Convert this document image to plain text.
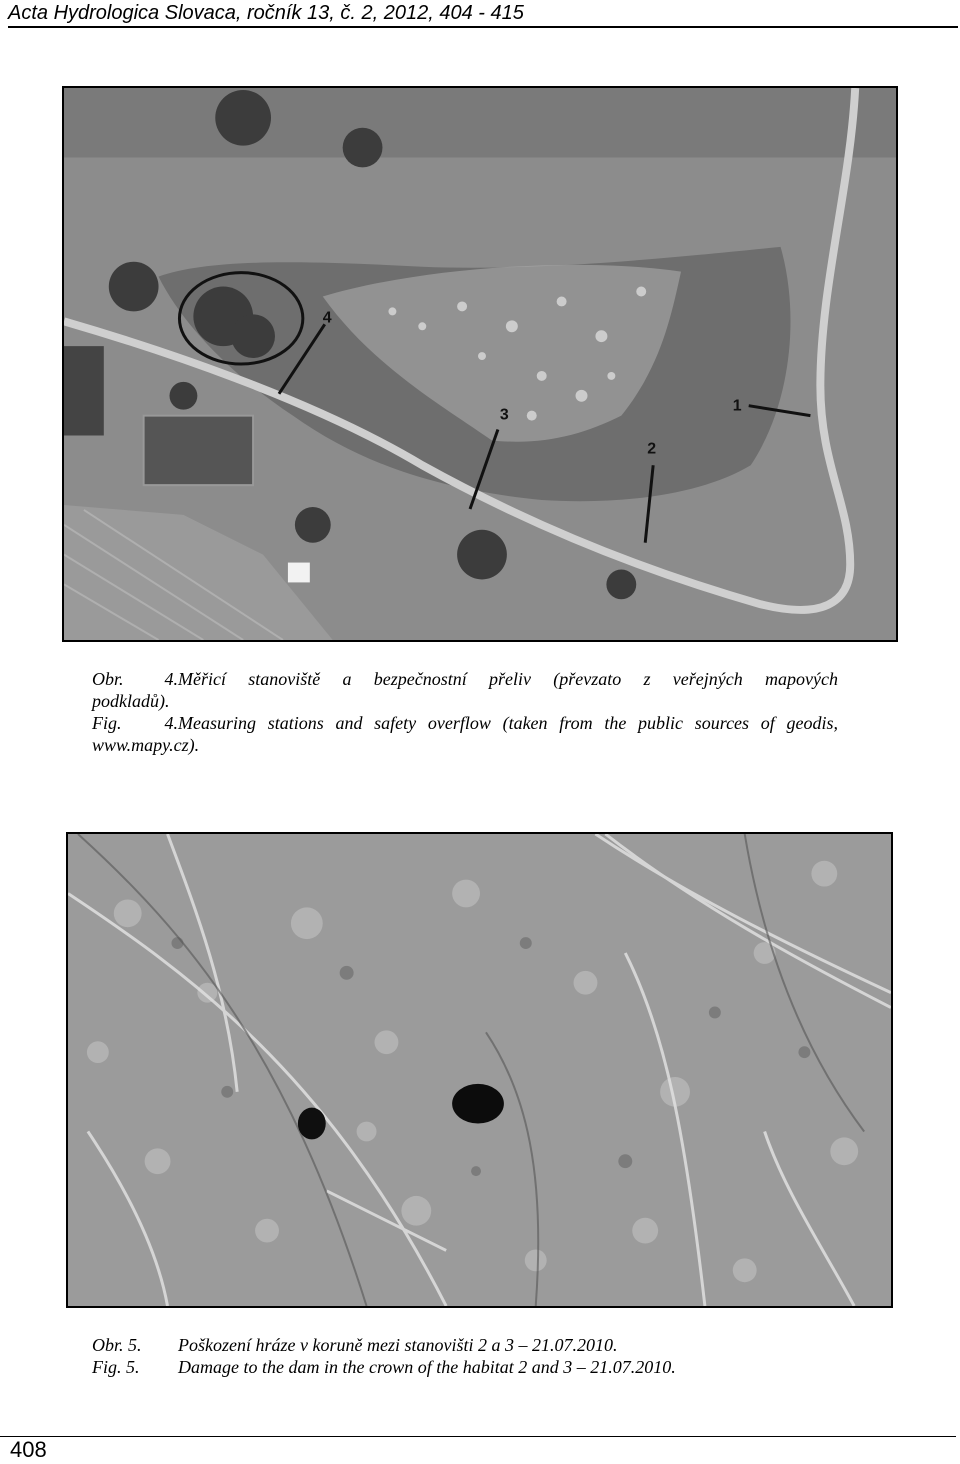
Acta Hydrologica Slovaca, ročník 13, č. 2, 2012, 404 - 415
1
2
3
4
Obr. 4.Měřicí stanoviště a bezpečnostní přeliv (převzato z veřejných mapových
podkladů).
Fig. 4.Measuring stations and safety overflow (taken from the public sources of geodis,
www.mapy.cz).
Obr. 5.	Poškození hráze v koruně mezi stanovišti 2 a 3 – 21.07.2010.
Fig. 5.	Damage to the dam in the crown of the habitat 2 and 3 – 21.07.2010.
408
